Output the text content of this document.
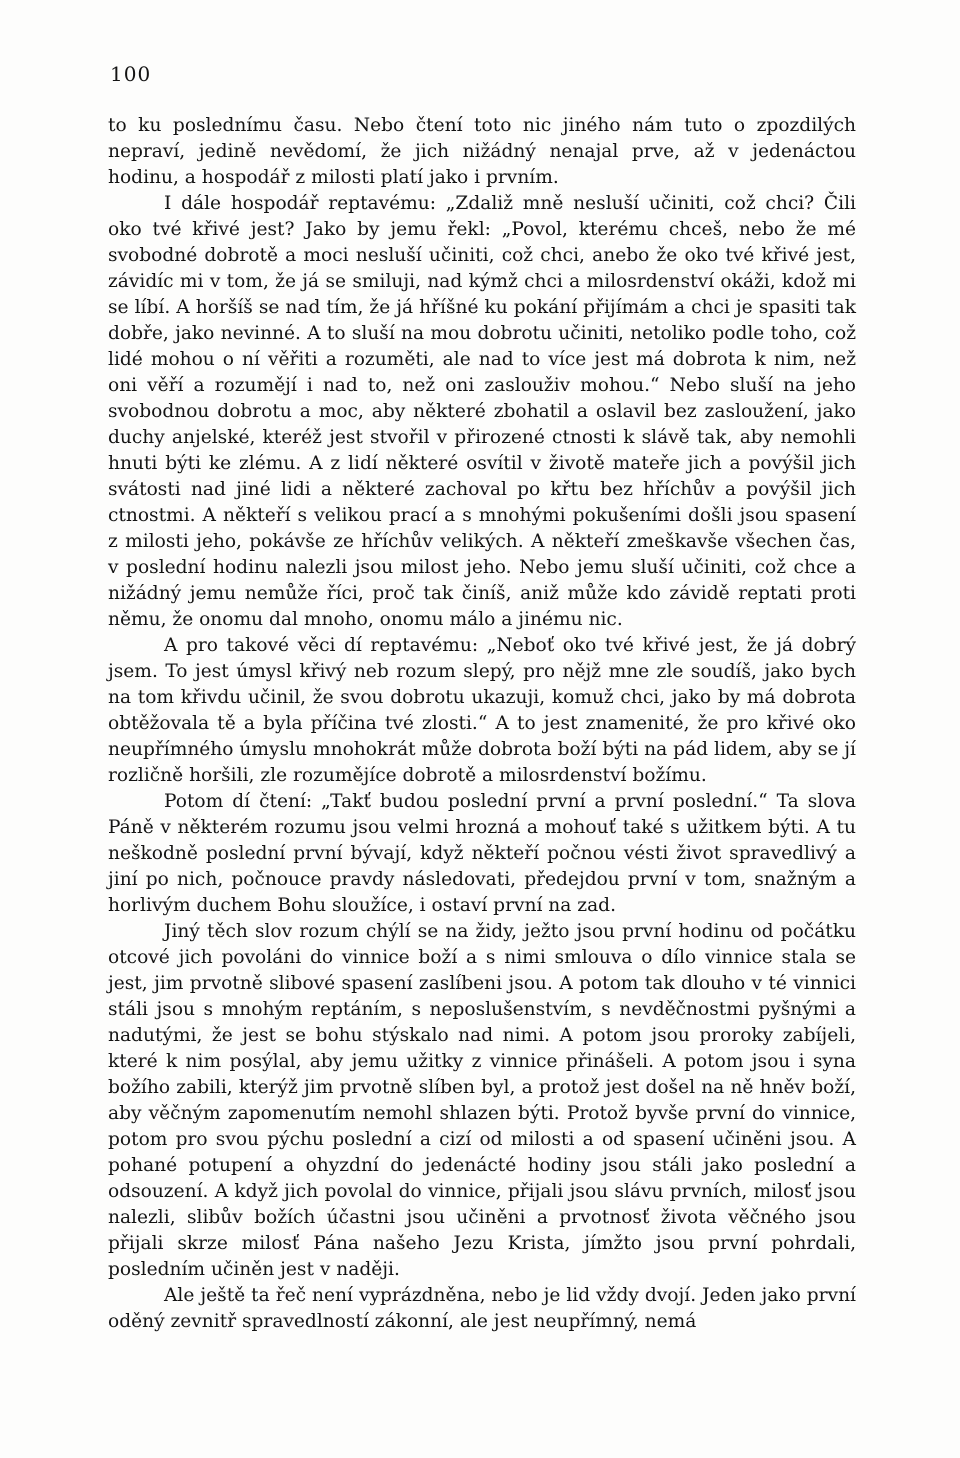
100

to ku poslednímu času. Nebo čtení toto nic jiného nám tuto o zpozdilých nepraví, jedině nevědomí, že jich nižádný nenajal prve, až v jedenáctou hodinu, a hospodář z milosti platí jako i prvním.

I dále hospodář reptavému: „Zdaliž mně nesluší učiniti, což chci? Čili oko tvé křivé jest? Jako by jemu řekl: „Povol, kterému chceš, nebo že mé svobodné dobrotě a moci nesluší učiniti, což chci, anebo že oko tvé křivé jest, závidíc mi v tom, že já se smiluji, nad kýmž chci a milosrdenství okáži, kdož mi se líbí. A horšíš se nad tím, že já hříšné ku pokání přijímám a chci je spasiti tak dobře, jako nevinné. A to sluší na mou dobrotu učiniti, netoliko podle toho, což lidé mohou o ní věřiti a rozuměti, ale nad to více jest má dobrota k nim, než oni věří a rozumějí i nad to, než oni zaslouživ mohou.“ Nebo sluší na jeho svobodnou dobrotu a moc, aby některé zbohatil a oslavil bez zasloužení, jako duchy anjelské, kteréž jest stvořil v přirozené ctnosti k slávě tak, aby nemohli hnuti býti ke zlému. A z lidí některé osvítil v životě mateře jich a povýšil jich svátosti nad jiné lidi a některé zachoval po křtu bez hříchův a povýšil jich ctnostmi. A někteří s velikou prací a s mnohými pokušeními došli jsou spasení z milosti jeho, pokávše ze hříchův velikých. A někteří zmeškavše všechen čas, v poslední hodinu nalezli jsou milost jeho. Nebo jemu sluší učiniti, což chce a nižádný jemu nemůže říci, proč tak činíš, aniž může kdo závidě reptati proti němu, že onomu dal mnoho, onomu málo a jinému nic.

A pro takové věci dí reptavému: „Neboť oko tvé křivé jest, že já dobrý jsem. To jest úmysl křivý neb rozum slepý, pro nějž mne zle soudíš, jako bych na tom křivdu učinil, že svou dobrotu ukazuji, komuž chci, jako by má dobrota obtěžovala tě a byla příčina tvé zlosti.“ A to jest znamenité, že pro křivé oko neupřímného úmyslu mnohokrát může dobrota boží býti na pád lidem, aby se jí rozličně horšili, zle rozumějíce dobrotě a milosrdenství božímu.

Potom dí čtení: „Takť budou poslední první a první poslední.“ Ta slova Páně v některém rozumu jsou velmi hrozná a mohouť také s užitkem býti. A tu neškodně poslední první bývají, když někteří počnou vésti život spravedlivý a jiní po nich, počnouce pravdy následovati, předejdou první v tom, snažným a horlivým duchem Bohu sloužíce, i ostaví první na zad.

Jiný těch slov rozum chýlí se na židy, ježto jsou první hodinu od počátku otcové jich povoláni do vinnice boží a s nimi smlouva o dílo vinnice stala se jest, jim prvotně slibové spasení zaslíbeni jsou. A potom tak dlouho v té vinnici stáli jsou s mnohým reptáním, s neposlušenstvím, s nevděčnostmi pyšnými a nadutými, že jest se bohu stýskalo nad nimi. A potom jsou proroky zabíjeli, které k nim posýlal, aby jemu užitky z vinnice přinášeli. A potom jsou i syna božího zabili, kterýž jim prvotně slíben byl, a protož jest došel na ně hněv boží, aby věčným zapomenutím nemohl shlazen býti. Protož byvše první do vinnice, potom pro svou pýchu poslední a cizí od milosti a od spasení učiněni jsou. A pohané potupení a ohyzdní do jedenácté hodiny jsou stáli jako poslední a odsouzení. A když jich povolal do vinnice, přijali jsou slávu prvních, milosť jsou nalezli, slibův božích účastni jsou učiněni a prvotnosť života věčného jsou přijali skrze milosť Pána našeho Jezu Krista, jímžto jsou první pohrdali, posledním učiněn jest v naději.

Ale ještě ta řeč není vyprázdněna, nebo je lid vždy dvojí. Jeden jako první oděný zevnitř spravedlností zákonní, ale jest neupřímný, nemá
